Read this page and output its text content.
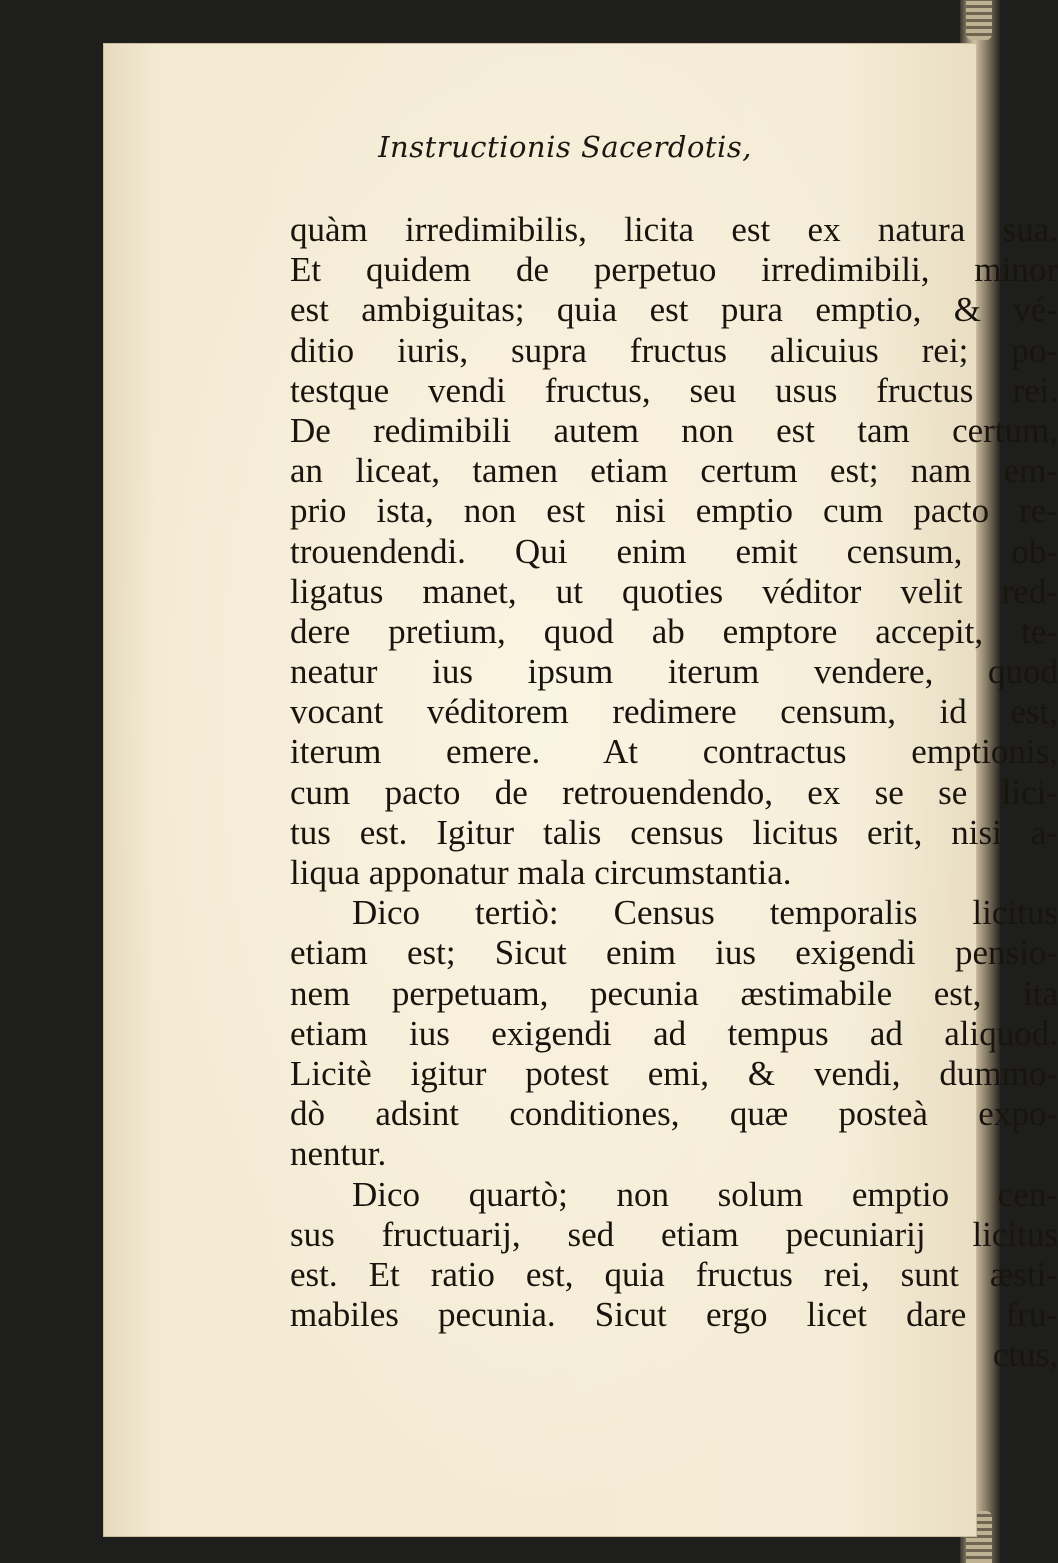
Instructionis Sacerdotis,
quàm irredimibilis, licita est ex natura sua.
Et quidem de perpetuo irredimibili, minor
est ambiguitas; quia est pura emptio, & vé-
ditio iuris, supra fructus alicuius rei; po-
testque vendi fructus, seu usus fructus rei.
De redimibili autem non est tam certum,
an liceat, tamen etiam certum est; nam em-
prio ista, non est nisi emptio cum pacto re-
trouendendi. Qui enim emit censum, ob-
ligatus manet, ut quoties véditor velit red-
dere pretium, quod ab emptore accepit, te-
neatur ius ipsum iterum vendere, quod
vocant véditorem redimere censum, id est,
iterum emere. At contractus emptionis,
cum pacto de retrouendendo, ex se se lici-
tus est. Igitur talis census licitus erit, nisi a-
liqua apponatur mala circumstantia.
Dico tertiò: Census temporalis licitus
etiam est; Sicut enim ius exigendi pensio-
nem perpetuam, pecunia æstimabile est, ita
etiam ius exigendi ad tempus ad aliquod.
Licitè igitur potest emi, & vendi, dummo-
dò adsint conditiones, quæ posteà expo-
nentur.
Dico quartò; non solum emptio cen-
sus fructuarij, sed etiam pecuniarij licitus
est. Et ratio est, quia fructus rei, sunt æsti-
mabiles pecunia. Sicut ergo licet dare fru-
ctus,
